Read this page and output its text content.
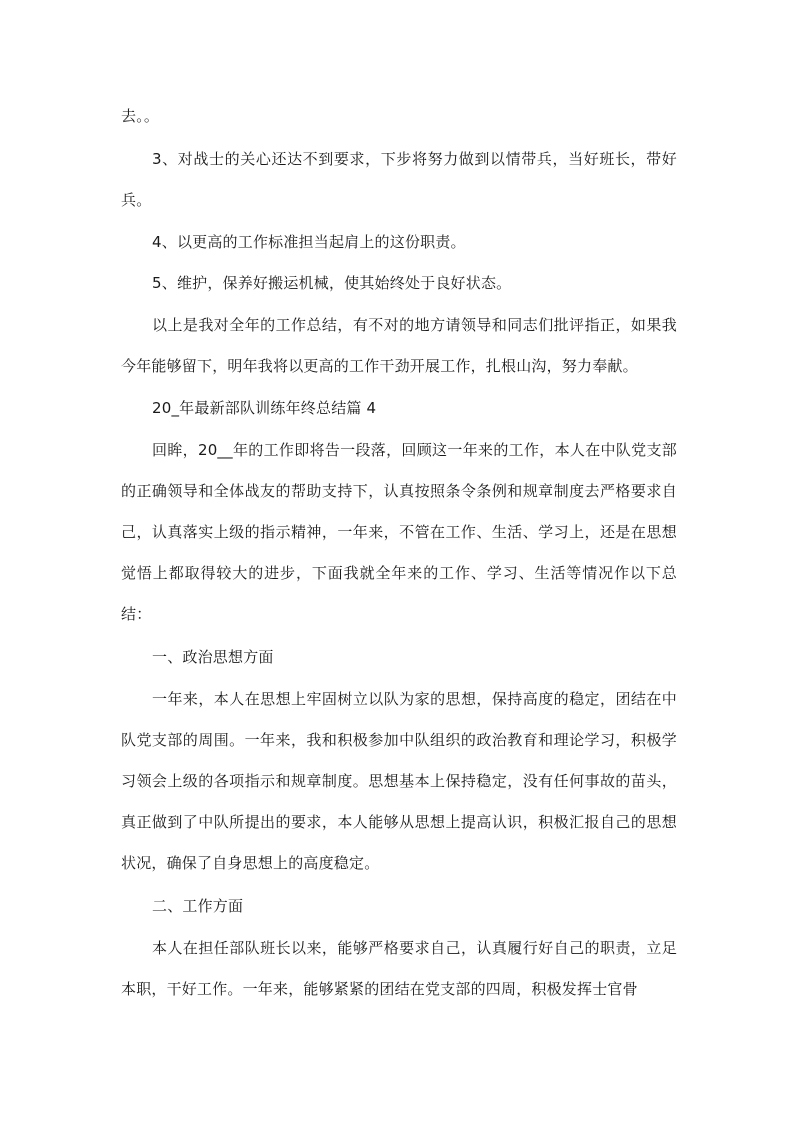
去。。

3、对战士的关心还达不到要求，下步将努力做到以情带兵，当好班长，带好兵。

4、以更高的工作标准担当起肩上的这份职责。

5、维护，保养好搬运机械，使其始终处于良好状态。

以上是我对全年的工作总结，有不对的地方请领导和同志们批评指正，如果我今年能够留下，明年我将以更高的工作干劲开展工作，扎根山沟，努力奉献。

20_年最新部队训练年终总结篇 4

回眸，20__年的工作即将告一段落，回顾这一年来的工作，本人在中队党支部的正确领导和全体战友的帮助支持下，认真按照条令条例和规章制度去严格要求自己，认真落实上级的指示精神，一年来，不管在工作、生活、学习上，还是在思想觉悟上都取得较大的进步，下面我就全年来的工作、学习、生活等情况作以下总结：

一、政治思想方面

一年来，本人在思想上牢固树立以队为家的思想，保持高度的稳定，团结在中队党支部的周围。一年来，我和积极参加中队组织的政治教育和理论学习，积极学习领会上级的各项指示和规章制度。思想基本上保持稳定，没有任何事故的苗头，真正做到了中队所提出的要求，本人能够从思想上提高认识，积极汇报自己的思想状况，确保了自身思想上的高度稳定。

二、工作方面

本人在担任部队班长以来，能够严格要求自己，认真履行好自己的职责，立足本职，干好工作。一年来，能够紧紧的团结在党支部的四周，积极发挥士官骨
